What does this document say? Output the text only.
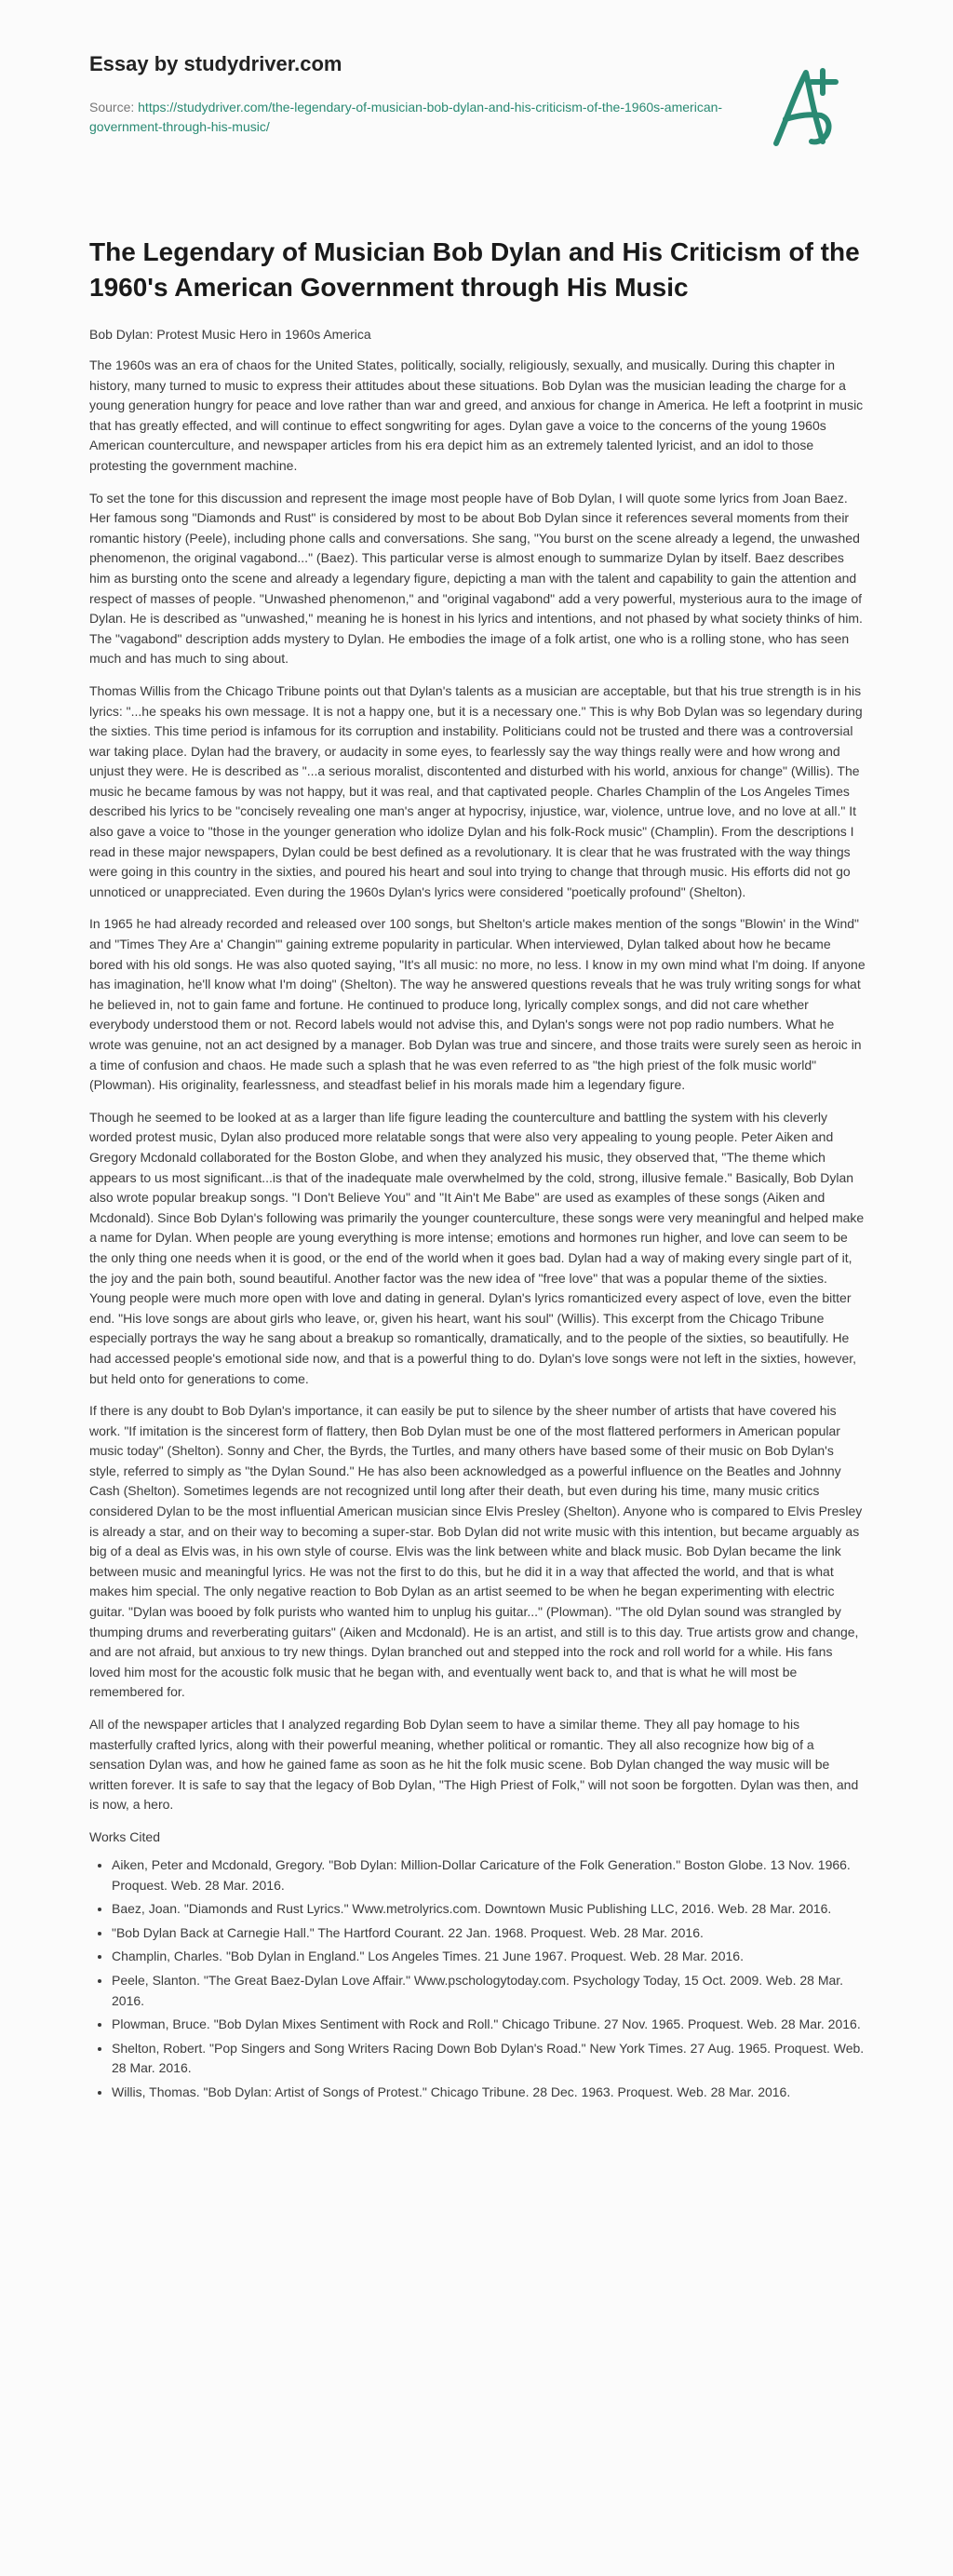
Essay by studydriver.com
Source: https://studydriver.com/the-legendary-of-musician-bob-dylan-and-his-criticism-of-the-1960s-american-government-through-his-music/
The Legendary of Musician Bob Dylan and His Criticism of the 1960's American Government through His Music

Bob Dylan: Protest Music Hero in 1960s America

The 1960s was an era of chaos for the United States, politically, socially, religiously, sexually, and musically. During this chapter in history, many turned to music to express their attitudes about these situations. Bob Dylan was the musician leading the charge for a young generation hungry for peace and love rather than war and greed, and anxious for change in America. He left a footprint in music that has greatly effected, and will continue to effect songwriting for ages. Dylan gave a voice to the concerns of the young 1960s American counterculture, and newspaper articles from his era depict him as an extremely talented lyricist, and an idol to those protesting the government machine.

To set the tone for this discussion and represent the image most people have of Bob Dylan, I will quote some lyrics from Joan Baez. Her famous song "Diamonds and Rust" is considered by most to be about Bob Dylan since it references several moments from their romantic history (Peele), including phone calls and conversations. She sang, "You burst on the scene already a legend, the unwashed phenomenon, the original vagabond..." (Baez). This particular verse is almost enough to summarize Dylan by itself. Baez describes him as bursting onto the scene and already a legendary figure, depicting a man with the talent and capability to gain the attention and respect of masses of people. "Unwashed phenomenon," and "original vagabond" add a very powerful, mysterious aura to the image of Dylan. He is described as "unwashed," meaning he is honest in his lyrics and intentions, and not phased by what society thinks of him. The "vagabond" description adds mystery to Dylan. He embodies the image of a folk artist, one who is a rolling stone, who has seen much and has much to sing about.

Thomas Willis from the Chicago Tribune points out that Dylan's talents as a musician are acceptable, but that his true strength is in his lyrics: "...he speaks his own message. It is not a happy one, but it is a necessary one." This is why Bob Dylan was so legendary during the sixties. This time period is infamous for its corruption and instability. Politicians could not be trusted and there was a controversial war taking place. Dylan had the bravery, or audacity in some eyes, to fearlessly say the way things really were and how wrong and unjust they were. He is described as "...a serious moralist, discontented and disturbed with his world, anxious for change" (Willis). The music he became famous by was not happy, but it was real, and that captivated people. Charles Champlin of the Los Angeles Times described his lyrics to be "concisely revealing one man's anger at hypocrisy, injustice, war, violence, untrue love, and no love at all." It also gave a voice to "those in the younger generation who idolize Dylan and his folk-Rock music" (Champlin). From the descriptions I read in these major newspapers, Dylan could be best defined as a revolutionary. It is clear that he was frustrated with the way things were going in this country in the sixties, and poured his heart and soul into trying to change that through music. His efforts did not go unnoticed or unappreciated. Even during the 1960s Dylan's lyrics were considered "poetically profound" (Shelton).

In 1965 he had already recorded and released over 100 songs, but Shelton's article makes mention of the songs "Blowin' in the Wind" and "Times They Are a' Changin'" gaining extreme popularity in particular. When interviewed, Dylan talked about how he became bored with his old songs. He was also quoted saying, "It's all music: no more, no less. I know in my own mind what I'm doing. If anyone has imagination, he'll know what I'm doing" (Shelton). The way he answered questions reveals that he was truly writing songs for what he believed in, not to gain fame and fortune. He continued to produce long, lyrically complex songs, and did not care whether everybody understood them or not. Record labels would not advise this, and Dylan's songs were not pop radio numbers. What he wrote was genuine, not an act designed by a manager. Bob Dylan was true and sincere, and those traits were surely seen as heroic in a time of confusion and chaos. He made such a splash that he was even referred to as "the high priest of the folk music world" (Plowman). His originality, fearlessness, and steadfast belief in his morals made him a legendary figure.

Though he seemed to be looked at as a larger than life figure leading the counterculture and battling the system with his cleverly worded protest music, Dylan also produced more relatable songs that were also very appealing to young people. Peter Aiken and Gregory Mcdonald collaborated for the Boston Globe, and when they analyzed his music, they observed that, "The theme which appears to us most significant...is that of the inadequate male overwhelmed by the cold, strong, illusive female." Basically, Bob Dylan also wrote popular breakup songs. "I Don't Believe You" and "It Ain't Me Babe" are used as examples of these songs (Aiken and Mcdonald). Since Bob Dylan's following was primarily the younger counterculture, these songs were very meaningful and helped make a name for Dylan. When people are young everything is more intense; emotions and hormones run higher, and love can seem to be the only thing one needs when it is good, or the end of the world when it goes bad. Dylan had a way of making every single part of it, the joy and the pain both, sound beautiful. Another factor was the new idea of "free love" that was a popular theme of the sixties. Young people were much more open with love and dating in general. Dylan's lyrics romanticized every aspect of love, even the bitter end. "His love songs are about girls who leave, or, given his heart, want his soul" (Willis). This excerpt from the Chicago Tribune especially portrays the way he sang about a breakup so romantically, dramatically, and to the people of the sixties, so beautifully. He had accessed people's emotional side now, and that is a powerful thing to do. Dylan's love songs were not left in the sixties, however, but held onto for generations to come.

If there is any doubt to Bob Dylan's importance, it can easily be put to silence by the sheer number of artists that have covered his work. "If imitation is the sincerest form of flattery, then Bob Dylan must be one of the most flattered performers in American popular music today" (Shelton). Sonny and Cher, the Byrds, the Turtles, and many others have based some of their music on Bob Dylan's style, referred to simply as "the Dylan Sound." He has also been acknowledged as a powerful influence on the Beatles and Johnny Cash (Shelton). Sometimes legends are not recognized until long after their death, but even during his time, many music critics considered Dylan to be the most influential American musician since Elvis Presley (Shelton). Anyone who is compared to Elvis Presley is already a star, and on their way to becoming a super-star. Bob Dylan did not write music with this intention, but became arguably as big of a deal as Elvis was, in his own style of course. Elvis was the link between white and black music. Bob Dylan became the link between music and meaningful lyrics. He was not the first to do this, but he did it in a way that affected the world, and that is what makes him special. The only negative reaction to Bob Dylan as an artist seemed to be when he began experimenting with electric guitar. "Dylan was booed by folk purists who wanted him to unplug his guitar..." (Plowman). "The old Dylan sound was strangled by thumping drums and reverberating guitars" (Aiken and Mcdonald). He is an artist, and still is to this day. True artists grow and change, and are not afraid, but anxious to try new things. Dylan branched out and stepped into the rock and roll world for a while. His fans loved him most for the acoustic folk music that he began with, and eventually went back to, and that is what he will most be remembered for.

All of the newspaper articles that I analyzed regarding Bob Dylan seem to have a similar theme. They all pay homage to his masterfully crafted lyrics, along with their powerful meaning, whether political or romantic. They all also recognize how big of a sensation Dylan was, and how he gained fame as soon as he hit the folk music scene. Bob Dylan changed the way music will be written forever. It is safe to say that the legacy of Bob Dylan, "The High Priest of Folk," will not soon be forgotten. Dylan was then, and is now, a hero.

Works Cited

• Aiken, Peter and Mcdonald, Gregory. "Bob Dylan: Million-Dollar Caricature of the Folk Generation." Boston Globe. 13 Nov. 1966. Proquest. Web. 28 Mar. 2016.
• Baez, Joan. "Diamonds and Rust Lyrics." Www.metrolyrics.com. Downtown Music Publishing LLC, 2016. Web. 28 Mar. 2016.
• "Bob Dylan Back at Carnegie Hall." The Hartford Courant. 22 Jan. 1968. Proquest. Web. 28 Mar. 2016.
• Champlin, Charles. "Bob Dylan in England." Los Angeles Times. 21 June 1967. Proquest. Web. 28 Mar. 2016.
• Peele, Slanton. "The Great Baez-Dylan Love Affair." Www.pschologytoday.com. Psychology Today, 15 Oct. 2009. Web. 28 Mar. 2016.
• Plowman, Bruce. "Bob Dylan Mixes Sentiment with Rock and Roll." Chicago Tribune. 27 Nov. 1965. Proquest. Web. 28 Mar. 2016.
• Shelton, Robert. "Pop Singers and Song Writers Racing Down Bob Dylan's Road." New York Times. 27 Aug. 1965. Proquest. Web. 28 Mar. 2016.
• Willis, Thomas. "Bob Dylan: Artist of Songs of Protest." Chicago Tribune. 28 Dec. 1963. Proquest. Web. 28 Mar. 2016.
